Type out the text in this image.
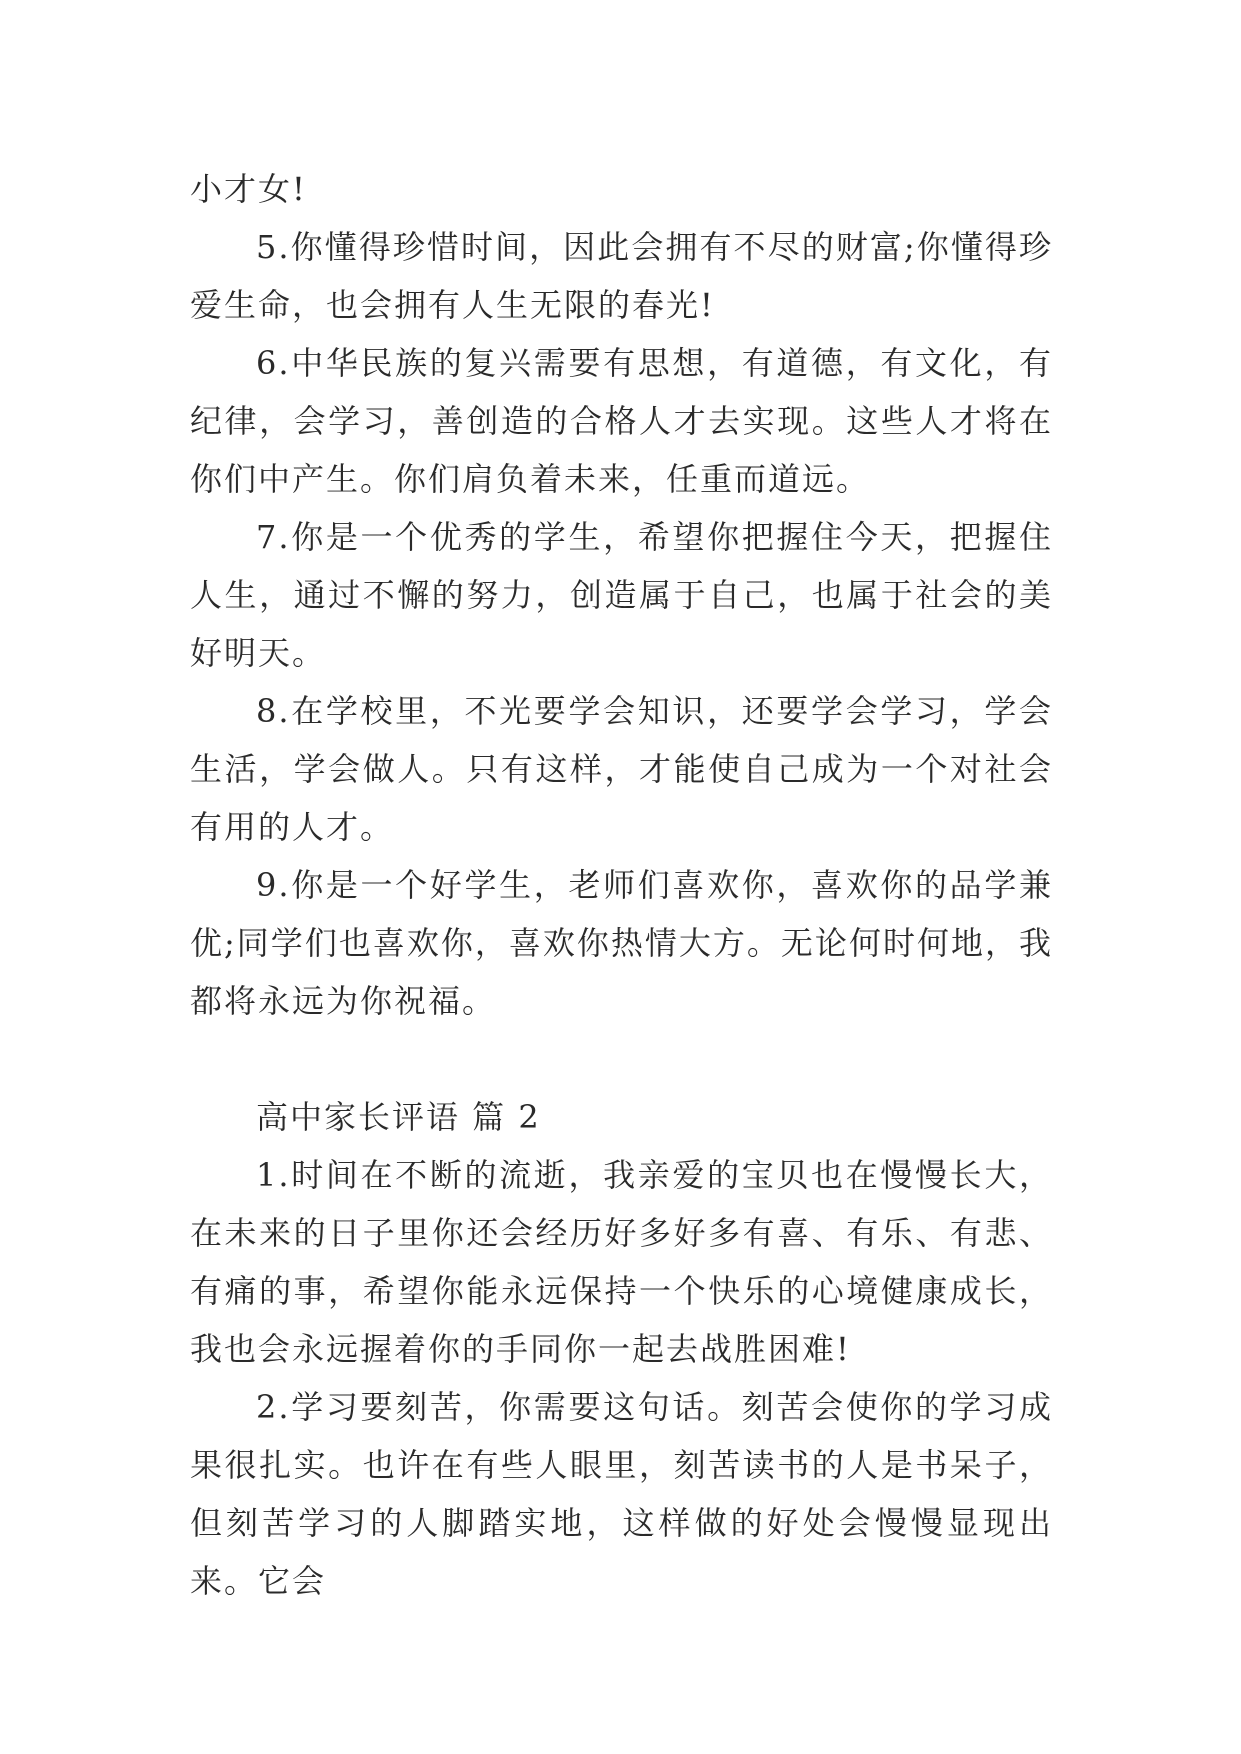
小才女!

5.你懂得珍惜时间，因此会拥有不尽的财富;你懂得珍爱生命，也会拥有人生无限的春光!

6.中华民族的复兴需要有思想，有道德，有文化，有纪律，会学习，善创造的合格人才去实现。这些人才将在你们中产生。你们肩负着未来，任重而道远。

7.你是一个优秀的学生，希望你把握住今天，把握住人生，通过不懈的努力，创造属于自己，也属于社会的美好明天。

8.在学校里，不光要学会知识，还要学会学习，学会生活，学会做人。只有这样，才能使自己成为一个对社会有用的人才。

9.你是一个好学生，老师们喜欢你，喜欢你的品学兼优;同学们也喜欢你，喜欢你热情大方。无论何时何地，我都将永远为你祝福。

高中家长评语 篇 2

1.时间在不断的流逝，我亲爱的宝贝也在慢慢长大，在未来的日子里你还会经历好多好多有喜、有乐、有悲、有痛的事，希望你能永远保持一个快乐的心境健康成长，我也会永远握着你的手同你一起去战胜困难!

2.学习要刻苦，你需要这句话。刻苦会使你的学习成果很扎实。也许在有些人眼里，刻苦读书的人是书呆子，但刻苦学习的人脚踏实地，这样做的好处会慢慢显现出来。它会
